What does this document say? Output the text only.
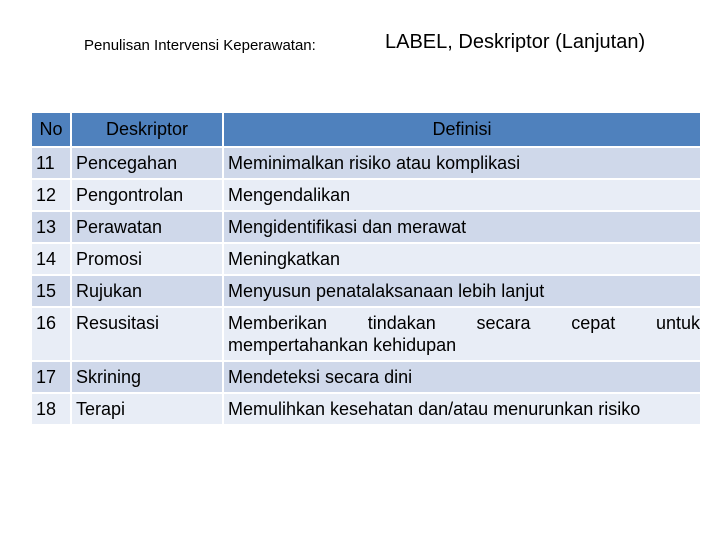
Penulisan Intervensi Keperawatan:	LABEL, Deskriptor (Lanjutan)
No	Deskriptor	Definisi
11	Pencegahan	Meminimalkan risiko atau komplikasi
12	Pengontrolan	Mengendalikan
13	Perawatan	Mengidentifikasi dan merawat
14	Promosi	Meningkatkan
15	Rujukan	Menyusun penatalaksanaan lebih lanjut
16	Resusitasi	Memberikan tindakan secara cepat untuk
mempertahankan kehidupan
17	Skrining	Mendeteksi secara dini
18	Terapi	Memulihkan kesehatan dan/atau menurunkan risiko
